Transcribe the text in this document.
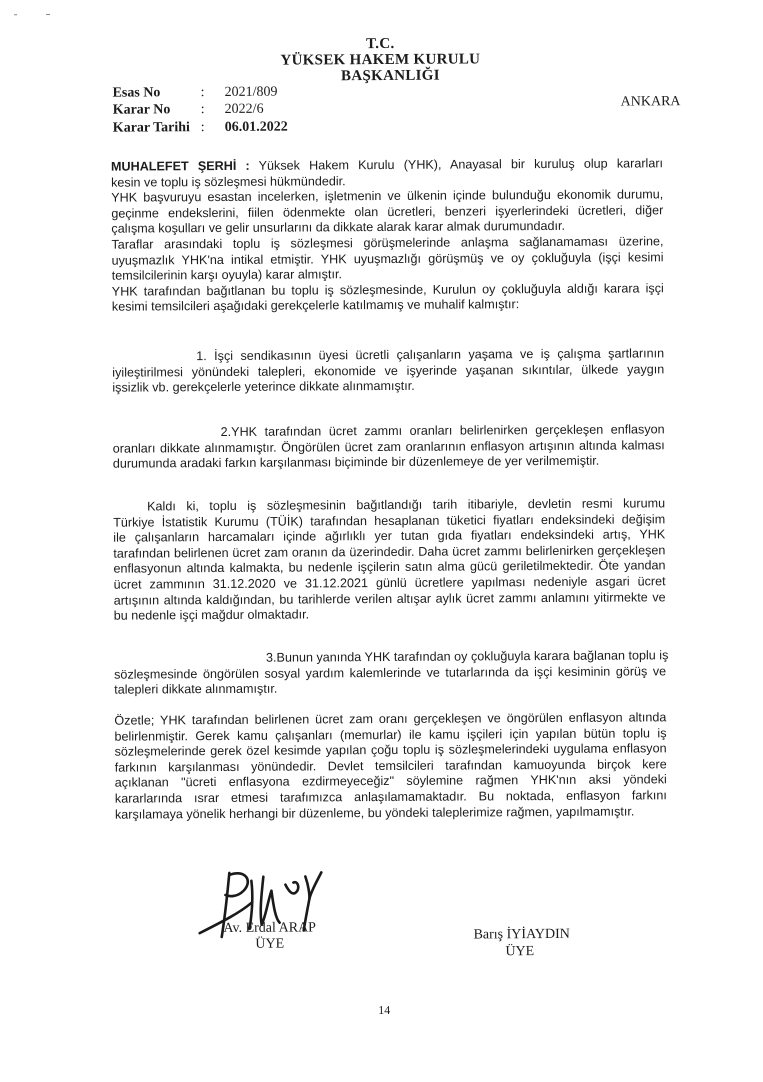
T.C.
YÜKSEK HAKEM KURULU
BAŞKANLIĞI
Esas No	: 2021/809
Karar No : 2022/6
Karar Tarihi : 06.01.2022
ANKARA
MUHALEFET ŞERHİ : Yüksek Hakem Kurulu (YHK), Anayasal bir kuruluş olup kararları
kesin ve toplu iş sözleşmesi hükmündedir.
YHK başvuruyu esastan incelerken, işletmenin ve ülkenin içinde bulunduğu ekonomik durumu,
geçinme endekslerini, fiilen ödenmekte olan ücretleri, benzeri işyerlerindeki ücretleri, diğer
çalışma koşulları ve gelir unsurlarını da dikkate alarak karar almak durumundadır.
Taraflar arasındaki toplu iş sözleşmesi görüşmelerinde anlaşma sağlanamaması üzerine,
uyuşmazlık YHK'na intikal etmiştir. YHK uyuşmazlığı görüşmüş ve oy çokluğuyla (işçi kesimi
temsilcilerinin karşı oyuyla) karar almıştır.
YHK tarafından bağıtlanan bu toplu iş sözleşmesinde, Kurulun oy çokluğuyla aldığı karara işçi
kesimi temsilcileri aşağıdaki gerekçelerle katılmamış ve muhalif kalmıştır:
1. İşçi sendikasının üyesi ücretli çalışanların yaşama ve iş çalışma şartlarının
iyileştirilmesi yönündeki talepleri, ekonomide ve işyerinde yaşanan sıkıntılar, ülkede yaygın
işsizlik vb. gerekçelerle yeterince dikkate alınmamıştır.
2.YHK tarafından ücret zammı oranları belirlenirken gerçekleşen enflasyon
oranları dikkate alınmamıştır. Öngörülen ücret zam oranlarının enflasyon artışının altında kalması
durumunda aradaki farkın karşılanması biçiminde bir düzenlemeye de yer verilmemiştir.
Kaldı ki, toplu iş sözleşmesinin bağıtlandığı tarih itibariyle, devletin resmi kurumu
Türkiye İstatistik Kurumu (TÜİK) tarafından hesaplanan tüketici fiyatları endeksindeki değişim
ile çalışanların harcamaları içinde ağırlıklı yer tutan gıda fiyatları endeksindeki artış, YHK
tarafından belirlenen ücret zam oranın da üzerindedir. Daha ücret zammı belirlenirken gerçekleşen
enflasyonun altında kalmakta, bu nedenle işçilerin satın alma gücü geriletilmektedir. Öte yandan
ücret zammının 31.12.2020 ve 31.12.2021 günlü ücretlere yapılması nedeniyle asgari ücret
artışının altında kaldığından, bu tarihlerde verilen altışar aylık ücret zammı anlamını yitirmekte ve
bu nedenle işçi mağdur olmaktadır.
3.Bunun yanında YHK tarafından oy çokluğuyla karara bağlanan toplu iş
sözleşmesinde öngörülen sosyal yardım kalemlerinde ve tutarlarında da işçi kesiminin görüş ve
talepleri dikkate alınmamıştır.
Özetle; YHK tarafından belirlenen ücret zam oranı gerçekleşen ve öngörülen enflasyon altında
belirlenmiştir. Gerek kamu çalışanları (memurlar) ile kamu işçileri için yapılan bütün toplu iş
sözleşmelerinde gerek özel kesimde yapılan çoğu toplu iş sözleşmelerindeki uygulama enflasyon
farkının karşılanması yönündedir. Devlet temsilcileri tarafından kamuoyunda birçok kere
açıklanan "ücreti enflasyona ezdirmeyeceğiz" söylemine rağmen YHK'nın aksi yöndeki
kararlarında ısrar etmesi tarafımızca anlaşılamamaktadır. Bu noktada, enflasyon farkını
karşılamaya yönelik herhangi bir düzenleme, bu yöndeki taleplerimize rağmen, yapılmamıştır.
Av. Erdal ARAP
ÜYE
Barış İYİAYDIN
ÜYE
14
